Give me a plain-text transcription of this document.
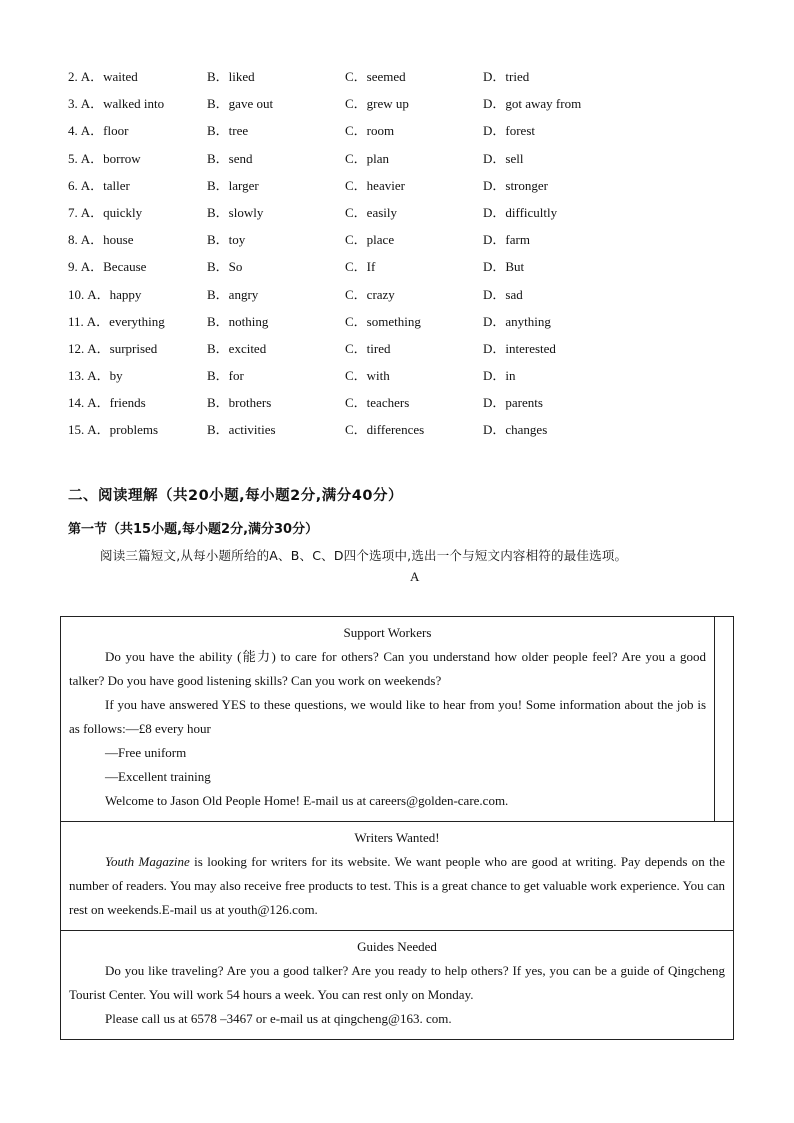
2. A．waited	B．liked	C．seemed	D．tried
3. A．walked into	B．gave out	C．grew up	D．got away from
4. A．floor	B．tree	C．room	D．forest
5. A．borrow	B．send	C．plan	D．sell
6. A．taller	B．larger	C．heavier	D．stronger
7. A．quickly	B．slowly	C．easily	D．difficultly
8. A．house	B．toy	C．place	D．farm
9. A．Because	B．So	C．If	D．But
10. A．happy	B．angry	C．crazy	D．sad
11. A．everything	B．nothing	C．something	D．anything
12. A．surprised	B．excited	C．tired	D．interested
13. A．by	B．for	C．with	D．in
14. A．friends	B．brothers	C．teachers	D．parents
15. A．problems	B．activities	C．differences	D．changes
二、阅读理解（共20小题,每小题2分,满分40分）
第一节（共15小题,每小题2分,满分30分）
阅读三篇短文,从每小题所给的A、B、C、D四个选项中,选出一个与短文内容相符的最佳选项。
A
Support Workers

Do you have the ability (能力) to care for others? Can you understand how older people feel? Are you a good talker? Do you have good listening skills? Can you work on weekends?

If you have answered YES to these questions, we would like to hear from you! Some information about the job is as follows:—£8 every hour

—Free uniform
—Excellent training
Welcome to Jason Old People Home! E-mail us at careers@golden-care.com.
Writers Wanted!

Youth Magazine is looking for writers for its website. We want people who are good at writing. Pay depends on the number of readers. You may also receive free products to test. This is a great chance to get valuable work experience. You can rest on weekends.E-mail us at youth@126.com.

Guides Needed

Do you like traveling? Are you a good talker? Are you ready to help others? If yes, you can be a guide of Qingcheng Tourist Center. You will work 54 hours a week. You can rest only on Monday.

Please call us at 6578 –3467 or e-mail us at qingcheng@163. com.
